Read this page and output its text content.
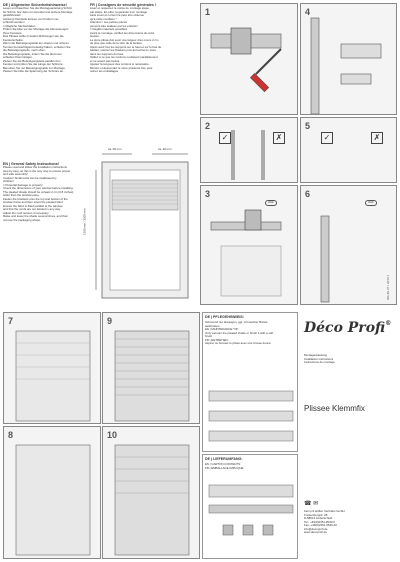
DE | Allgemeine Sicherheitshinweise!

Lesen und beachten Sie die Montageanleitung Schritt

für Schritt. Nur dann ist sorenfrei und sichere Montage

gewährleistet!

Achtung! Kleinteile können von Kindern ver-

schluckt werden!

= Mögliche Sachschäden

Prüfen Sie bitte vor der Montage die Abmessungen

Ihres Fensters.

Das Plissee sollte in beiden Richtungen wie die

Fensterscheibe.

Wenn die Befestigungsteile am oberen und unteren

Teil des Fensterflügels befestigt haben, schieben Sie

die Befestigungsteile, nach oben.

Die Befestigungsteile, indem Sie die klemmen

schieben Klemmträger.

Ziehen Sie die Befestigungsteile parallel zum

Fenster und prüfen Sie die Länge der Schnüre.

Benutzen Sie nur Befestigungsteile zur Montage.

Passen Sie bitte die Spannung der Schnüre an.

EN | General Safety Instructions!

Please read and follow the installation instructions

step by step, as this is the only way to ensure proper

and safe assembly!

Caution! Small parts can be swallowed by

children!

= Potential damage to property

Check the dimensions of your window before installing.

The pleated shade should be at least 2 cm (0.8 inches)

wider than the window pane.

Fasten the brackets onto the top and bottom of the

window frame and then insert the pleated blind.

Ensure the blind is fitted parallel to the window

and that the cords are not twisted in any way.

Adjust the cord tension if necessary.

Raise and lower the shade several times, and then

remove the packaging wraps.

FR | Consignes de sécurité générales !

Lisez et respectez la notice de montage étape

par étape. En effet, la garantie d'un montage

sans souci et correct ne peut être obtenue

qu'à cette condition !

Attention ! Les petites pièces

peuvent être avalées par les enfants !

= Dégâts matériels possibles

Avant le montage, vérifiez les dimensions de votre

fenêtre.

Le store plissé doit avoir une largeur d'au moins 2 cm

de plus que celle de la vitre de la fenêtre.

Après avoir fixé les supports sur le haut et sur le bas du

battant, insérez les fixations puis accrochez le store

dans les supports du haut.

Veillez à ce que les cordons coulissent parallèlement

et ne soient pas tordus.

Ajustez la longueur des cordons si nécessaire.

Montez et descendez le store plusieurs fois, puis

retirez les emballages.

ca. 20 mm	ca. 20 mm
1300 mm / 2200 mm
1	4
2
✓	✗
5
✓	✗
3
click
6
click
WA-BL 07 / 2015 1
7	9
8	10

DE | PFLEGEHINWEIS:

Schonend nur absaugen, ggf. mit weicher Bürste

ausbürsten.

EN | MAINTENANCE TIP:

Only vacuum the pleated shade or brush it with a soft

brush.

FR | ENTRETIEN:

Aspirer ou brosser le plissé avec une brosse douce.

DE | LIEFERUMFANG:

EN | CARTON CONTENTS:

FR | EMBALLAGE IMPLIQUE:

Déco Profi®

Montageanleitung

Installation instructions

Instructions de montage

Plissee Klemmfix
☎ ✉

Kemp & Hüllen Vertriebs GmbH

Freisenbergstr. 28

D-58513 Lüdenscheid

Tel.: +49(0)2351-9540-0

Fax: +49(0)2351-9540-40

info@decoprofi.de

www.decoprofi.de
